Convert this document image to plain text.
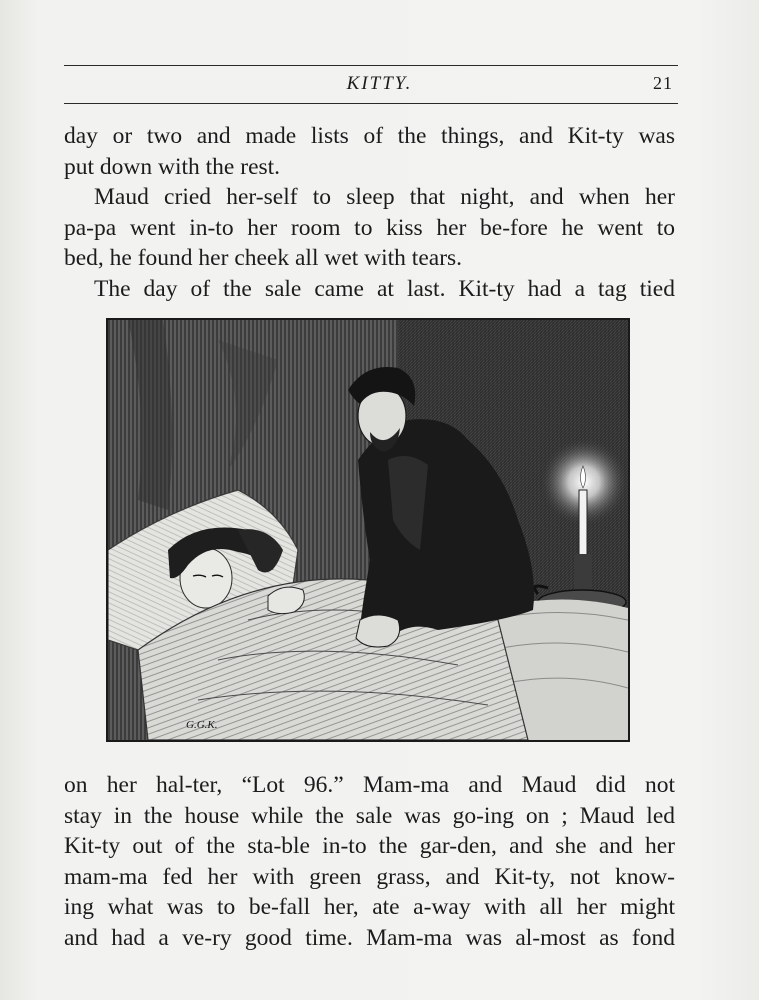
KITTY.	21
day or two and made lists of the things, and Kit-ty was
put down with the rest.
Maud cried her-self to sleep that night, and when her
pa-pa went in-to her room to kiss her be-fore he went to
bed, he found her cheek all wet with tears.
The day of the sale came at last. Kit-ty had a tag tied
G.G.K.
on her hal-ter, “Lot 96.” Mam-ma and Maud did not
stay in the house while the sale was go-ing on ; Maud led
Kit-ty out of the sta-ble in-to the gar-den, and she and her
mam-ma fed her with green grass, and Kit-ty, not know-
ing what was to be-fall her, ate a-way with all her might
and had a ve-ry good time. Mam-ma was al-most as fond
